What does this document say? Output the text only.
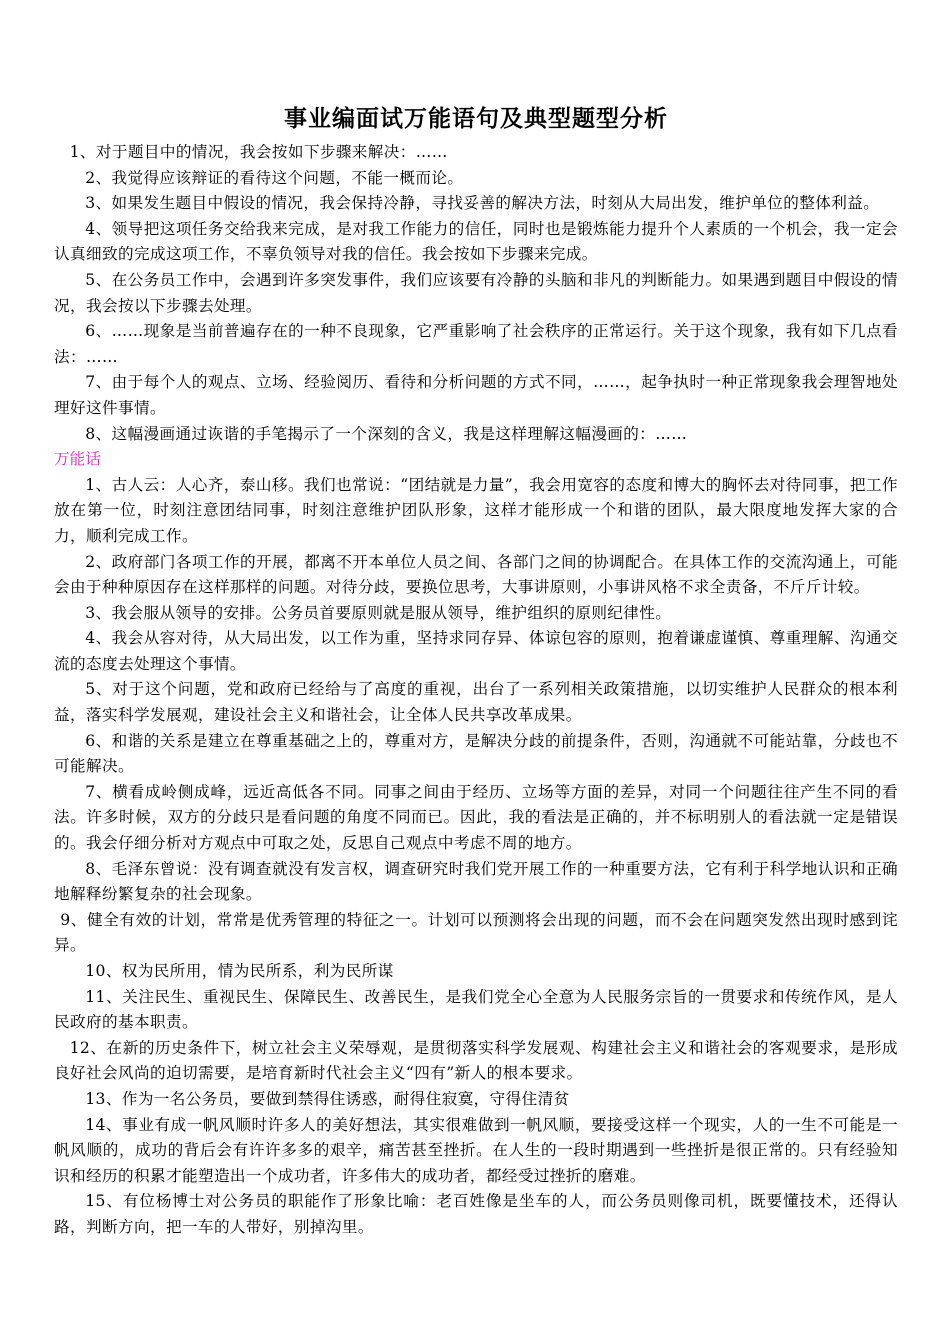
事业编面试万能语句及典型题型分析

1、对于题目中的情况，我会按如下步骤来解决：……

2、我觉得应该辩证的看待这个问题，不能一概而论。

3、如果发生题目中假设的情况，我会保持冷静，寻找妥善的解决方法，时刻从大局出发，维护单位的整体利益。

4、领导把这项任务交给我来完成，是对我工作能力的信任，同时也是锻炼能力提升个人素质的一个机会，我一定会认真细致的完成这项工作，不辜负领导对我的信任。我会按如下步骤来完成。

5、在公务员工作中，会遇到许多突发事件，我们应该要有冷静的头脑和非凡的判断能力。如果遇到题目中假设的情况，我会按以下步骤去处理。

6、……现象是当前普遍存在的一种不良现象，它严重影响了社会秩序的正常运行。关于这个现象，我有如下几点看法：……

7、由于每个人的观点、立场、经验阅历、看待和分析问题的方式不同，……，起争执时一种正常现象我会理智地处理好这件事情。

8、这幅漫画通过诙谐的手笔揭示了一个深刻的含义，我是这样理解这幅漫画的：……

万能话

1、古人云：人心齐，泰山移。我们也常说：“团结就是力量”，我会用宽容的态度和博大的胸怀去对待同事，把工作放在第一位，时刻注意团结同事，时刻注意维护团队形象，这样才能形成一个和谐的团队，最大限度地发挥大家的合力，顺利完成工作。

2、政府部门各项工作的开展，都离不开本单位人员之间、各部门之间的协调配合。在具体工作的交流沟通上，可能会由于种种原因存在这样那样的问题。对待分歧，要换位思考，大事讲原则，小事讲风格不求全责备，不斤斤计较。

3、我会服从领导的安排。公务员首要原则就是服从领导，维护组织的原则纪律性。

4、我会从容对待，从大局出发，以工作为重，坚持求同存异、体谅包容的原则，抱着谦虚谨慎、尊重理解、沟通交流的态度去处理这个事情。

5、对于这个问题，党和政府已经给与了高度的重视，出台了一系列相关政策措施，以切实维护人民群众的根本利益，落实科学发展观，建设社会主义和谐社会，让全体人民共享改革成果。

6、和谐的关系是建立在尊重基础之上的，尊重对方，是解决分歧的前提条件，否则，沟通就不可能站靠，分歧也不可能解决。

7、横看成岭侧成峰，远近高低各不同。同事之间由于经历、立场等方面的差异，对同一个问题往往产生不同的看法。许多时候，双方的分歧只是看问题的角度不同而已。因此，我的看法是正确的，并不标明别人的看法就一定是错误的。我会仔细分析对方观点中可取之处，反思自己观点中考虑不周的地方。

8、毛泽东曾说：没有调查就没有发言权，调查研究时我们党开展工作的一种重要方法，它有利于科学地认识和正确地解释纷繁复杂的社会现象。

9、健全有效的计划，常常是优秀管理的特征之一。计划可以预测将会出现的问题，而不会在问题突发然出现时感到诧异。

10、权为民所用，情为民所系，利为民所谋

11、关注民生、重视民生、保障民生、改善民生，是我们党全心全意为人民服务宗旨的一贯要求和传统作风，是人民政府的基本职责。

12、在新的历史条件下，树立社会主义荣辱观，是贯彻落实科学发展观、构建社会主义和谐社会的客观要求，是形成良好社会风尚的迫切需要，是培育新时代社会主义“四有”新人的根本要求。

13、作为一名公务员，要做到禁得住诱惑，耐得住寂寞，守得住清贫

14、事业有成一帆风顺时许多人的美好想法，其实很难做到一帆风顺，要接受这样一个现实，人的一生不可能是一帆风顺的，成功的背后会有许许多多的艰辛，痛苦甚至挫折。在人生的一段时期遇到一些挫折是很正常的。只有经验知识和经历的积累才能塑造出一个成功者，许多伟大的成功者，都经受过挫折的磨难。

15、有位杨博士对公务员的职能作了形象比喻：老百姓像是坐车的人，而公务员则像司机，既要懂技术，还得认路，判断方向，把一车的人带好，别掉沟里。
